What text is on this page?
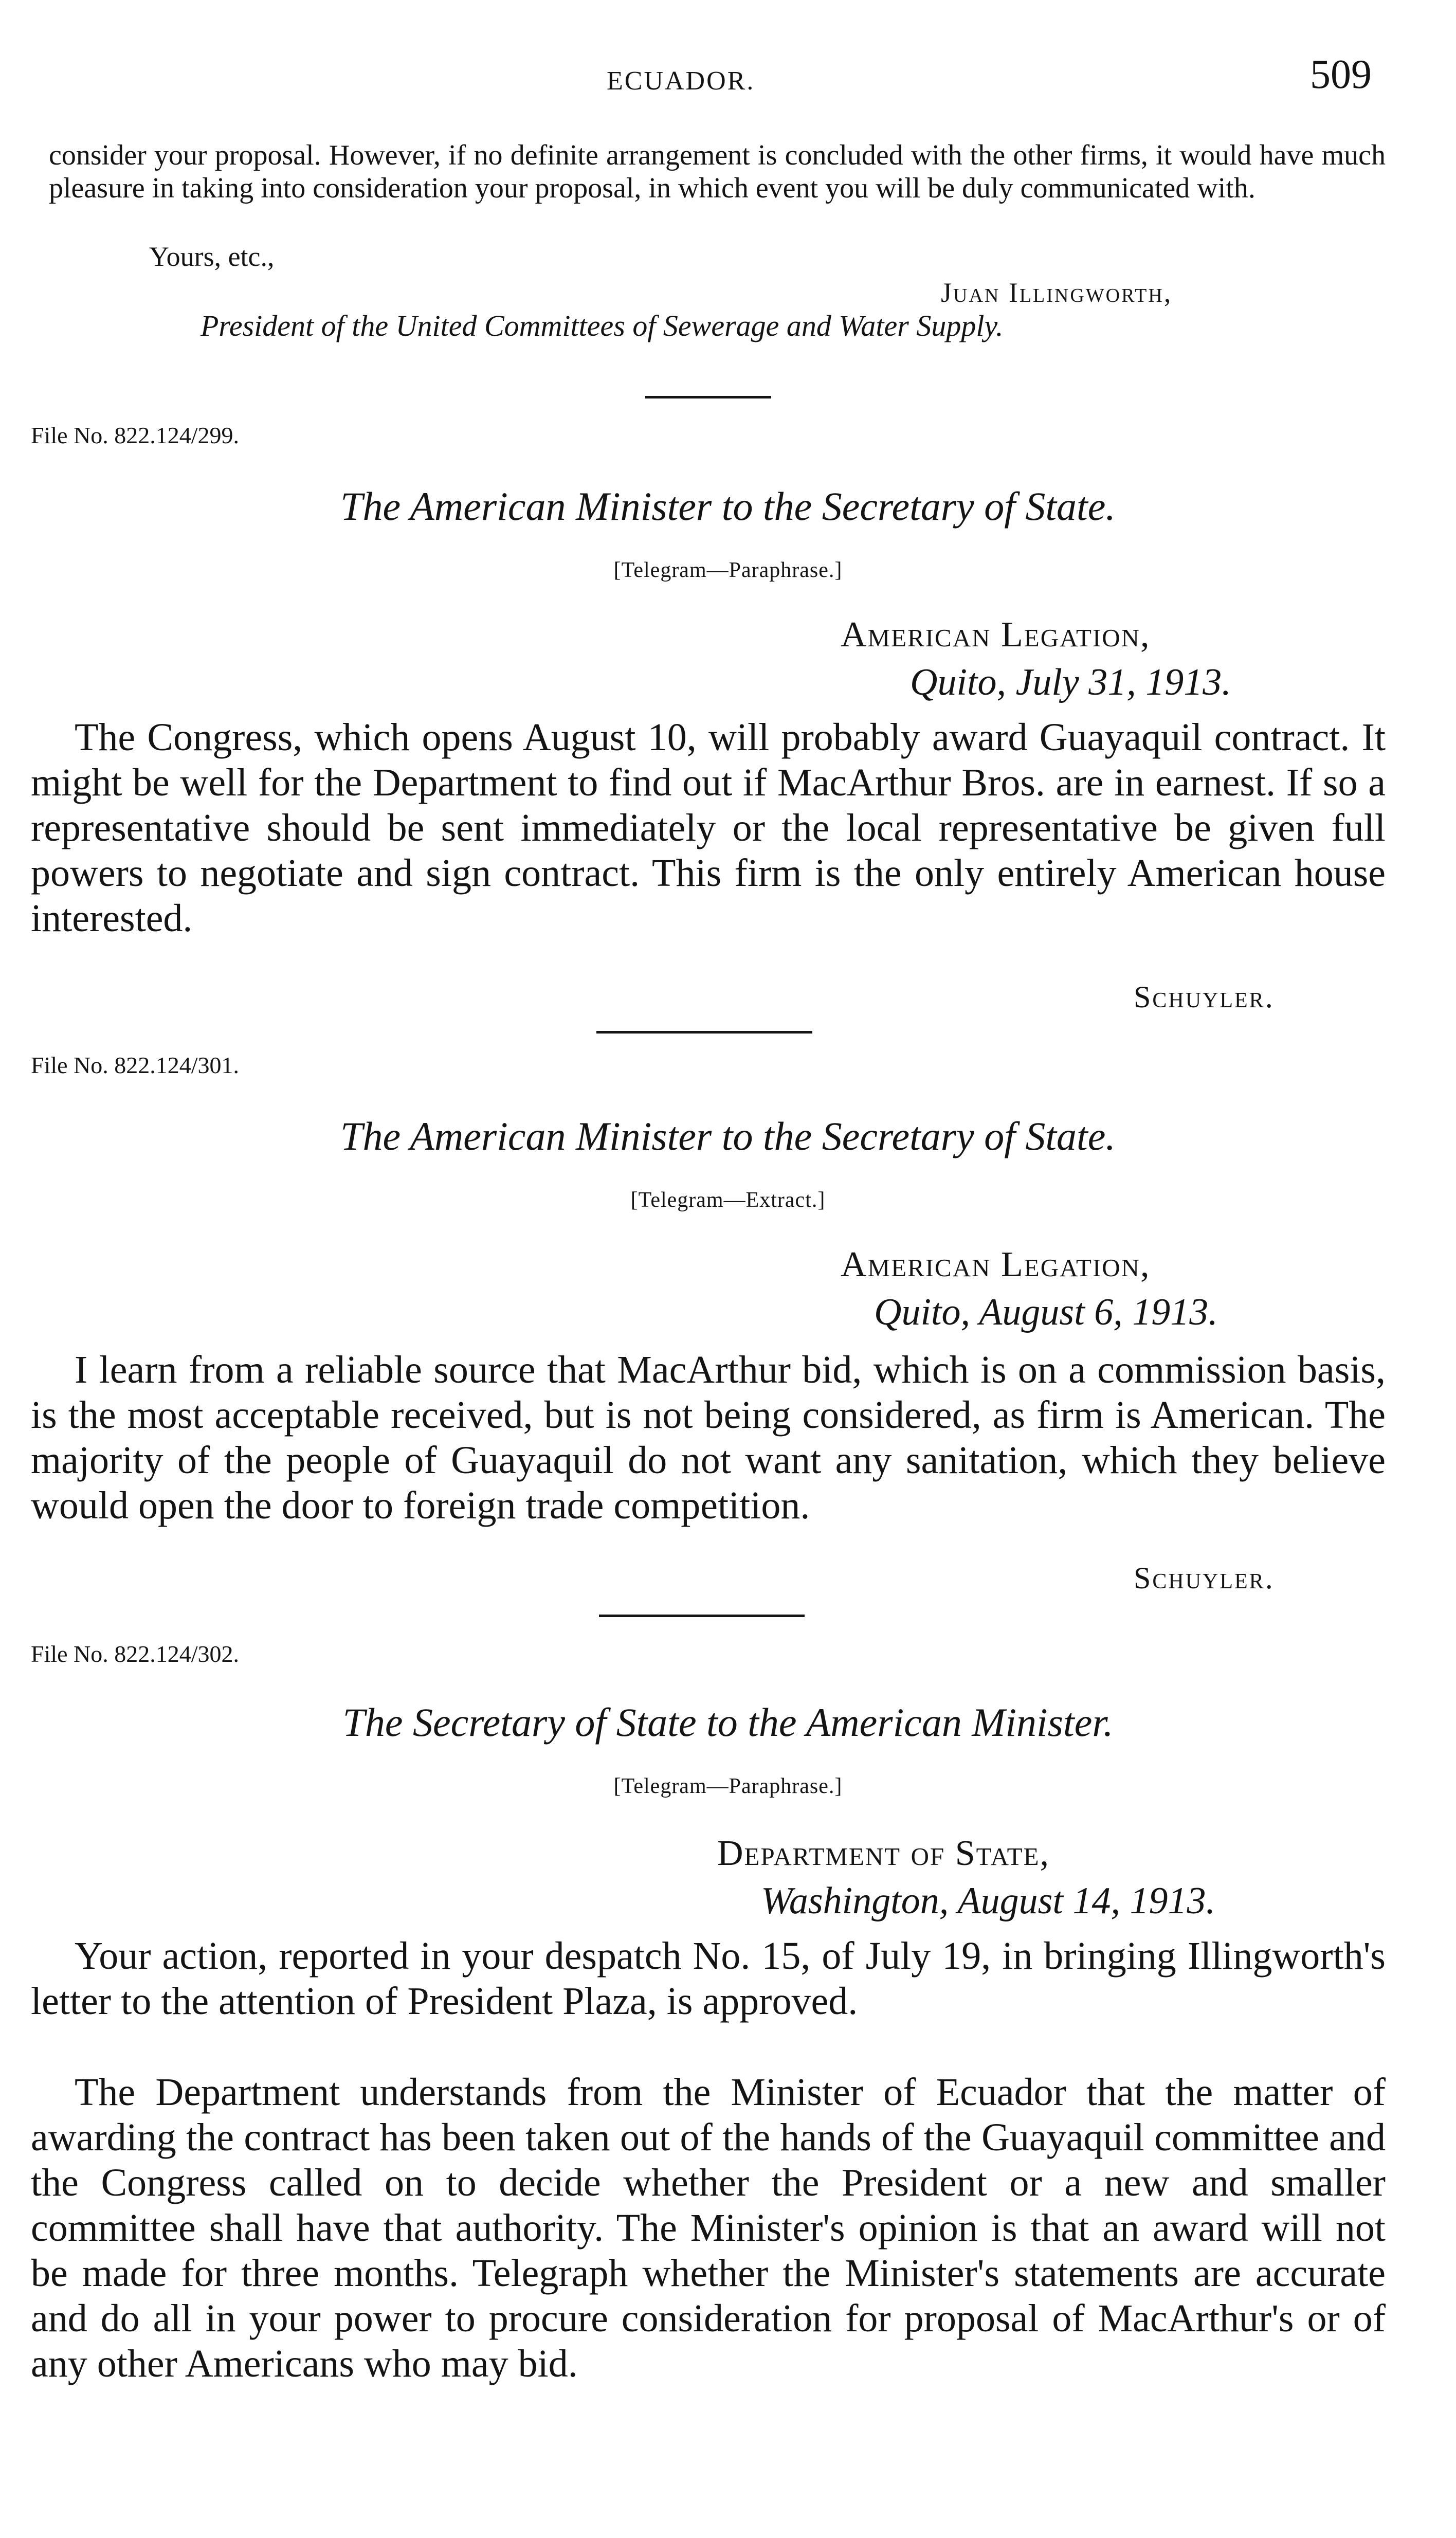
ECUADOR.	509
consider your proposal. However, if no definite arrangement is concluded with the other firms, it would have much pleasure in taking into consideration your proposal, in which event you will be duly communicated with.
Yours, etc.,
Juan Illingworth,
President of the United Committees of Sewerage and Water Supply.
File No. 822.124/299.
The American Minister to the Secretary of State.
[Telegram—Paraphrase.]
American Legation,
Quito, July 31, 1913.

The Congress, which opens August 10, will probably award Guayaquil contract. It might be well for the Department to find out if MacArthur Bros. are in earnest. If so a representative should be sent immediately or the local representative be given full powers to negotiate and sign contract. This firm is the only entirely American house interested.

Schuyler.
File No. 822.124/301.
The American Minister to the Secretary of State.
[Telegram—Extract.]
American Legation,
Quito, August 6, 1913.

I learn from a reliable source that MacArthur bid, which is on a commission basis, is the most acceptable received, but is not being considered, as firm is American. The majority of the people of Guayaquil do not want any sanitation, which they believe would open the door to foreign trade competition.

Schuyler.
File No. 822.124/302.
The Secretary of State to the American Minister.
[Telegram—Paraphrase.]
Department of State,
Washington, August 14, 1913.

Your action, reported in your despatch No. 15, of July 19, in bringing Illingworth's letter to the attention of President Plaza, is approved.

The Department understands from the Minister of Ecuador that the matter of awarding the contract has been taken out of the hands of the Guayaquil committee and the Congress called on to decide whether the President or a new and smaller committee shall have that authority. The Minister's opinion is that an award will not be made for three months. Telegraph whether the Minister's statements are accurate and do all in your power to procure consideration for proposal of MacArthur's or of any other Americans who may bid.
